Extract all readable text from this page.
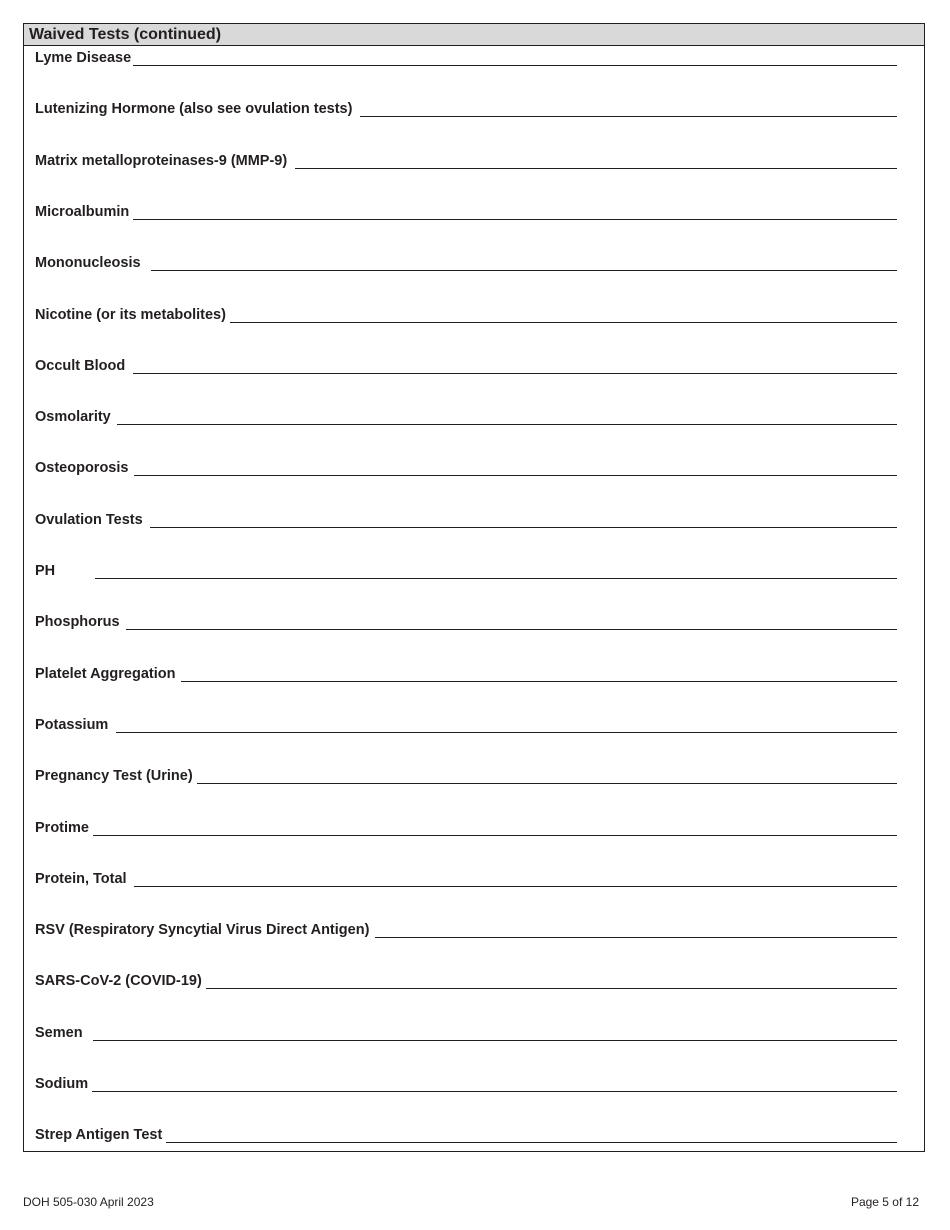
Waived Tests (continued)
Lyme Disease
Lutenizing Hormone (also see ovulation tests)
Matrix metalloproteinases-9 (MMP-9)
Microalbumin
Mononucleosis
Nicotine (or its metabolites)
Occult Blood
Osmolarity
Osteoporosis
Ovulation Tests
PH
Phosphorus
Platelet Aggregation
Potassium
Pregnancy Test (Urine)
Protime
Protein, Total
RSV (Respiratory Syncytial Virus Direct Antigen)
SARS-CoV-2 (COVID-19)
Semen
Sodium
Strep Antigen Test
DOH 505-030 April 2023	Page 5 of 12
